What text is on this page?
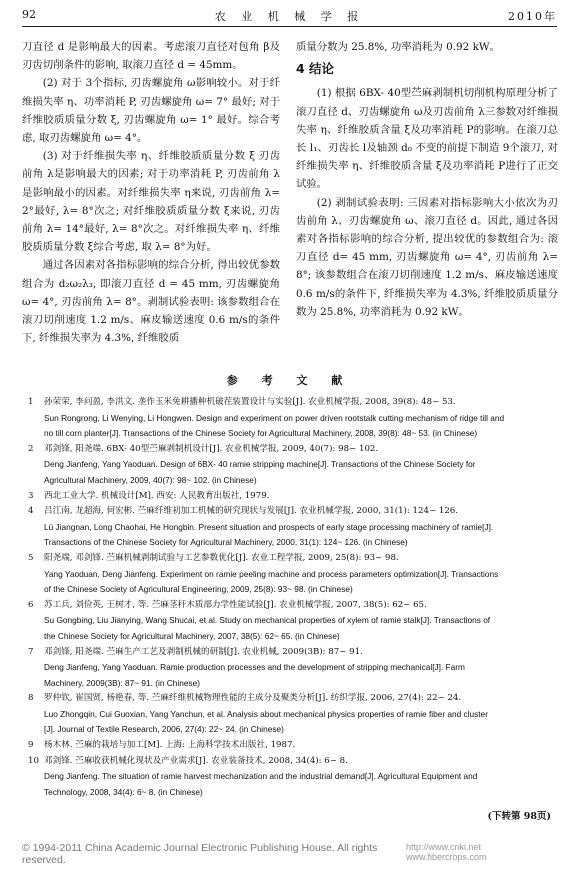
92	农 业 机 械 学 报	2010年

刀直径 d 是影响最大的因素。考虑滚刀直径对包角 β及刃齿切削条件的影响, 取滚刀直径 d = 45mm。

(2) 对于 3个指标, 刃齿螺旋角 ω影响较小。对于纤维损失率 η、功率消耗 P, 刃齿螺旋角 ω= 7° 最好; 对于纤维胶质质量分数 ξ, 刃齿螺旋角 ω= 1° 最好。综合考虑, 取刃齿螺旋角 ω= 4°。

(3) 对于纤维损失率 η、纤维胶质质量分数 ξ 刃齿前角 λ是影响最大的因素; 对于功率消耗 P, 刃齿前角 λ是影响最小的因素。对纤维损失率 η来说, 刃齿前角 λ= 2°最好, λ= 8°次之; 对纤维胶质质量分数 ξ来说, 刃齿前角 λ= 14°最好, λ= 8°次之。对纤维损失率 η、纤维胶质质量分数 ξ综合考虑, 取 λ= 8°为好。

通过各因素对各指标影响的综合分析, 得出较优参数组合为 d₂ω₂λ₃, 即滚刀直径 d = 45 mm, 刃齿螺旋角 ω= 4°, 刃齿前角 λ= 8°。剥制试验表明: 该参数组合在滚刀切削速度 1.2 m/s、麻皮输送速度 0.6 m/s的条件下, 纤维损失率为 4.3%, 纤维胶质

质量分数为 25.8%, 功率消耗为 0.92 kW。

4 结论

(1) 根据 6BX- 40型苎麻剥制机切削机构原理分析了滚刀直径 d、刃齿螺旋角 ω及刃齿前角 λ三参数对纤维损失率 η、纤维胶质含量 ξ及功率消耗 P的影响。在滚刀总长 l₁、刃齿长 l及轴颈 d₀ 不变的前提下制造 9个滚刀, 对纤维损失率 η、纤维胶质含量 ξ及功率消耗 P进行了正交试验。

(2) 剥制试验表明: 三因素对指标影响大小依次为刃齿前角 λ、刃齿螺旋角 ω、滚刀直径 d。因此, 通过各因素对各指标影响的综合分析, 提出较优的参数组合为: 滚刀直径 d= 45 mm, 刃齿螺旋角 ω= 4°, 刃齿前角 λ= 8°; 该参数组合在滚刀切削速度 1.2 m/s、麻皮输送速度 0.6 m/s的条件下, 纤维损失率为 4.3%, 纤维胶质质量分数为 25.8%, 功率消耗为 0.92 kW。

参 考 文 献
1	孙荣荣, 李问盈, 李洪文. 垄作玉米免耕播种机破茬装置设计与实验[J]. 农业机械学报, 2008, 39(8): 48~ 53.
Sun Rongrong, Li Wenying, Li Hongwen. Design and experiment on power driven rootstalk cutting mechanism of ridge till and
no till corn planter[J]. Transactions of the Chinese Society for Agricultural Machinery, 2008, 39(8): 48~ 53. (in Chinese)
2	邓剑锋, 阳尧端. 6BX- 40型苎麻剥制机设计[J]. 农业机械学报, 2009, 40(7): 98~ 102.
Deng Jianfeng, Yang Yaoduan. Design of 6BX- 40 ramie stripping machine[J]. Transactions of the Chinese Society for
Agricultural Machinery, 2009, 40(7): 98~ 102. (in Chinese)
3	西北工业大学. 机械设计[M]. 西安: 人民教育出版社, 1979.
4	吕江南, 龙超海, 何宏彬. 苎麻纤维初加工机械的研究现状与发展[J]. 农业机械学报, 2000, 31(1): 124~ 126.
Lü Jiangnan, Long Chaohai, He Hongbin. Present situation and prospects of early stage processing machinery of ramie[J].
Transactions of the Chinese Society for Agricultural Machinery, 2000, 31(1): 124~ 126. (in Chinese)
5	阳尧端, 邓剑锋. 苎麻机械剥制试验与工艺参数优化[J]. 农业工程学报, 2009, 25(8): 93~ 98.
Yang Yaoduan, Deng Jianfeng. Experiment on ramie peeling machine and process parameters optimization[J]. Transactions
of the Chinese Society of Agricultural Engineering, 2009, 25(8): 93~ 98. (in Chinese)
6	苏工兵, 刘俭英, 王树才, 等. 苎麻茎秆木质部力学性能试验[J]. 农业机械学报, 2007, 38(5): 62~ 65.
Su Gongbing, Liu Jianying, Wang Shucai, et al. Study on mechanical properties of xylem of ramie stalk[J]. Transactions of
the Chinese Society for Agricultural Machinery, 2007, 38(5): 62~ 65. (in Chinese)
7	邓剑锋, 阳尧端. 苎麻生产工艺及剥制机械的研制[J]. 农业机械, 2009(3B): 87~ 91.
Deng Jianfeng, Yang Yaoduan. Ramie production processes and the development of stripping mechanical[J]. Farm
Machinery, 2009(3B): 87~ 91. (in Chinese)
8	罗仲钦, 崔国贤, 杨艳春, 等. 苎麻纤维机械物理性能的主成分及聚类分析[J]. 纺织学报, 2006, 27(4): 22~ 24.
Luo Zhongqin, Cui Guoxian, Yang Yanchun, et al. Analysis about mechanical physics properties of ramie fiber and cluster
[J]. Journal of Textile Research, 2006, 27(4): 22~ 24. (in Chinese)
9	杨木林. 苎麻的栽培与加工[M]. 上海: 上海科学技术出版社, 1987.
10 邓剑锋. 苎麻收获机械化现状及产业需求[J]. 农业装备技术, 2008, 34(4): 6~ 8.
Deng Jianfeng. The situation of ramie harvest mechanization and the industrial demand[J]. Agricultural Equipment and
Technology, 2008, 34(4): 6~ 8. (in Chinese)
(下转第 98页)
© 1994-2011 China Academic Journal Electronic Publishing House. All rights reserved.
http://www.cnki.net www.fibercrops.com
